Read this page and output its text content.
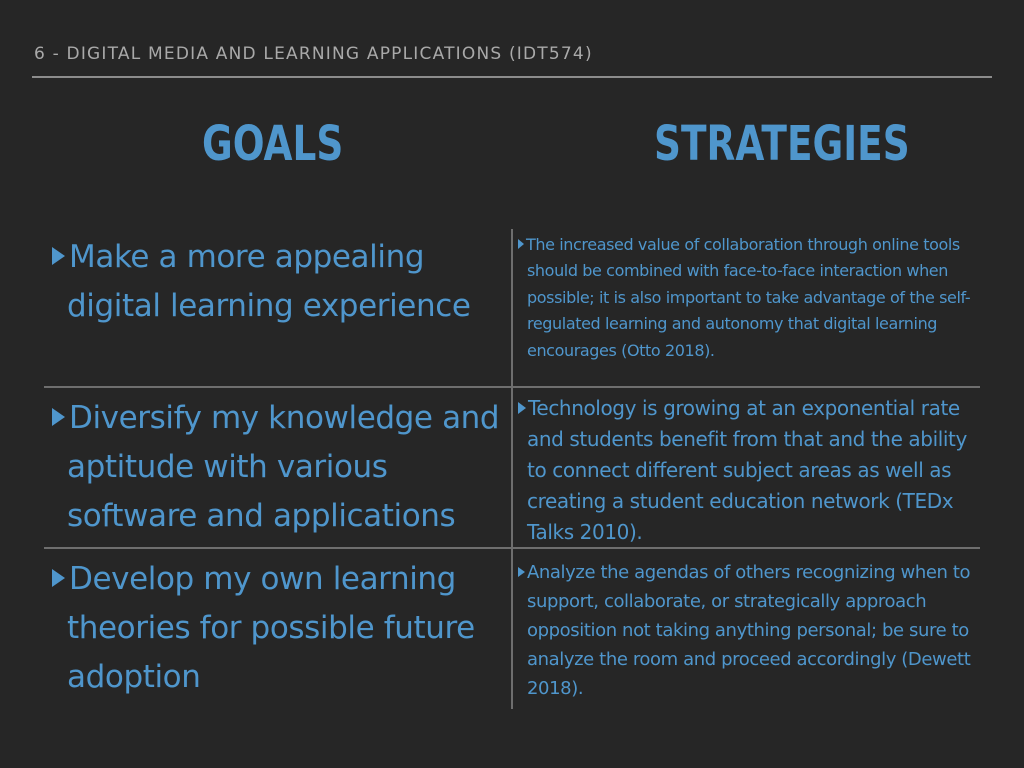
6 - DIGITAL MEDIA AND LEARNING APPLICATIONS (IDT574)
GOALS	STRATEGIES
Make a more appealing digital learning experience
The increased value of collaboration through online tools should be combined with face-to-face interaction when possible; it is also important to take advantage of the self-regulated learning and autonomy that digital learning encourages (Otto 2018).
Diversify my knowledge and aptitude with various software and applications
Technology is growing at an exponential rate and students benefit from that and the ability to connect different subject areas as well as creating a student education network (TEDx Talks 2010).
Develop my own learning theories for possible future adoption
Analyze the agendas of others recognizing when to support, collaborate, or strategically approach opposition not taking anything personal; be sure to analyze the room and proceed accordingly (Dewett 2018).
